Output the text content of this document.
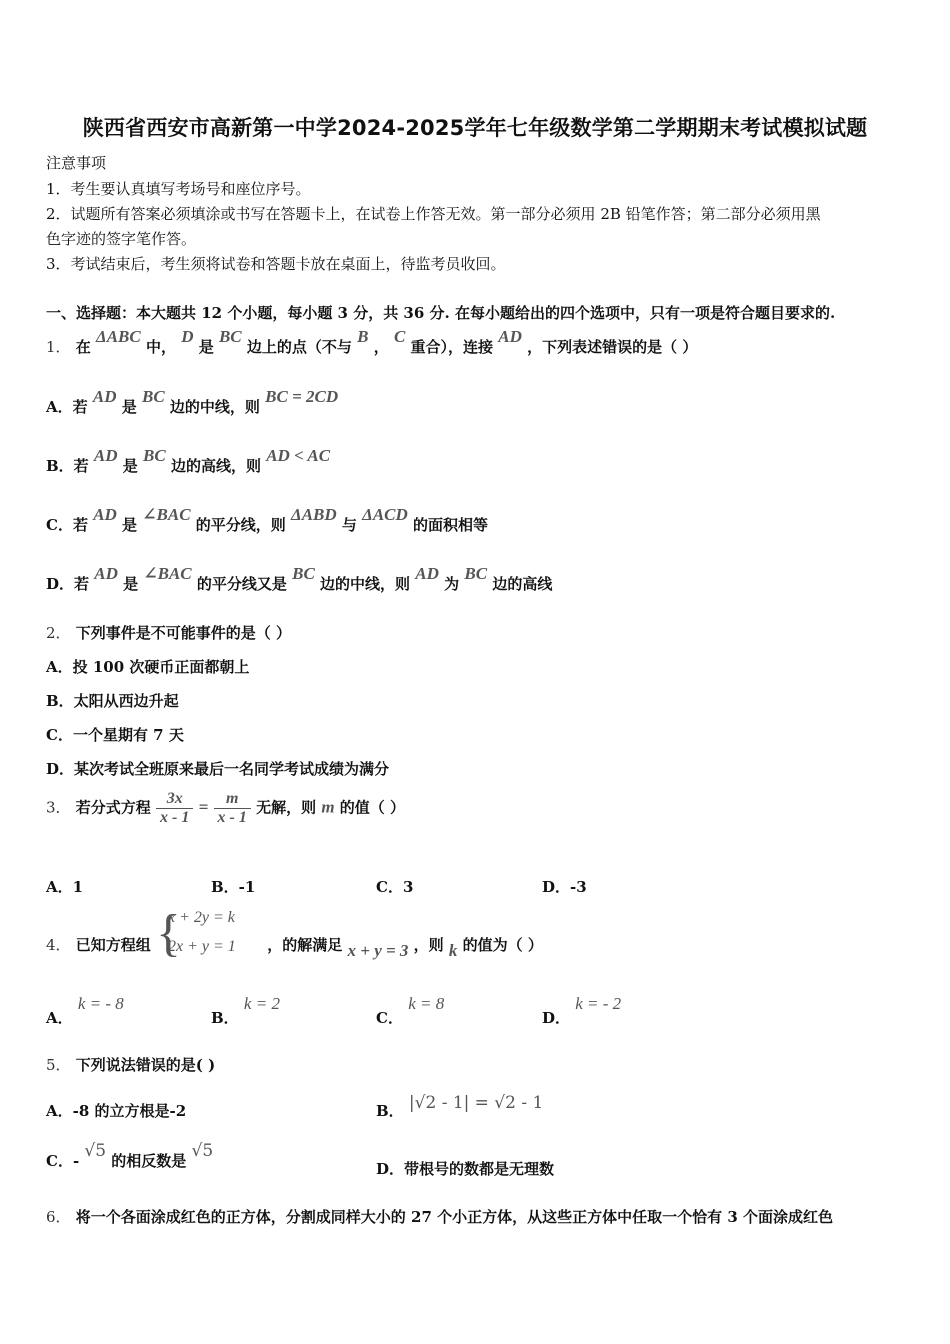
陕西省西安市高新第一中学2024-2025学年七年级数学第二学期期末考试模拟试题
注意事项
1．考生要认真填写考场号和座位序号。
2．试题所有答案必须填涂或书写在答题卡上，在试卷上作答无效。第一部分必须用 2B 铅笔作答；第二部分必须用黑
色字迹的签字笔作答。
3．考试结束后，考生须将试卷和答题卡放在桌面上，待监考员收回。
一、选择题：本大题共 12 个小题，每小题 3 分，共 36 分. 在每小题给出的四个选项中，只有一项是符合题目要求的.
1． 在 ΔABC 中， D 是 BC 边上的点（不与 B ， C 重合），连接 AD ，下列表述错误的是（ ）
A．若 AD 是 BC 边的中线，则 BC = 2CD
B．若 AD 是 BC 边的高线，则 AD < AC
C．若 AD 是 ∠BAC 的平分线，则 ΔABD 与 ΔACD 的面积相等
D．若 AD 是 ∠BAC 的平分线又是 BC 边的中线，则 AD 为 BC 边的高线
2． 下列事件是不可能事件的是（ ）
A．投 100 次硬币正面都朝上
B．太阳从西边升起
C．一个星期有 7 天
D．某次考试全班原来最后一名同学考试成绩为满分
3． 若分式方程 $\frac{3x}{x - 1} = \frac{m}{x - 1}$ 无解，则 m 的值（ ）
A．1	B．-1	C．3	D．-3
4． 已知方程组	，的解满足 x + y = 3 ，则 k 的值为（ ）
{
x + 2y = k
2x + y = 1
A． k = - 8
B． k = 2
C． k = 8
D． k = - 2
5． 下列说法错误的是( )
A．-8 的立方根是-2	B． |√2 - 1| = √2 - 1
C．- √5 的相反数是 √5
D．带根号的数都是无理数
6． 将一个各面涂成红色的正方体，分割成同样大小的 27 个小正方体，从这些正方体中任取一个恰有 3 个面涂成红色
